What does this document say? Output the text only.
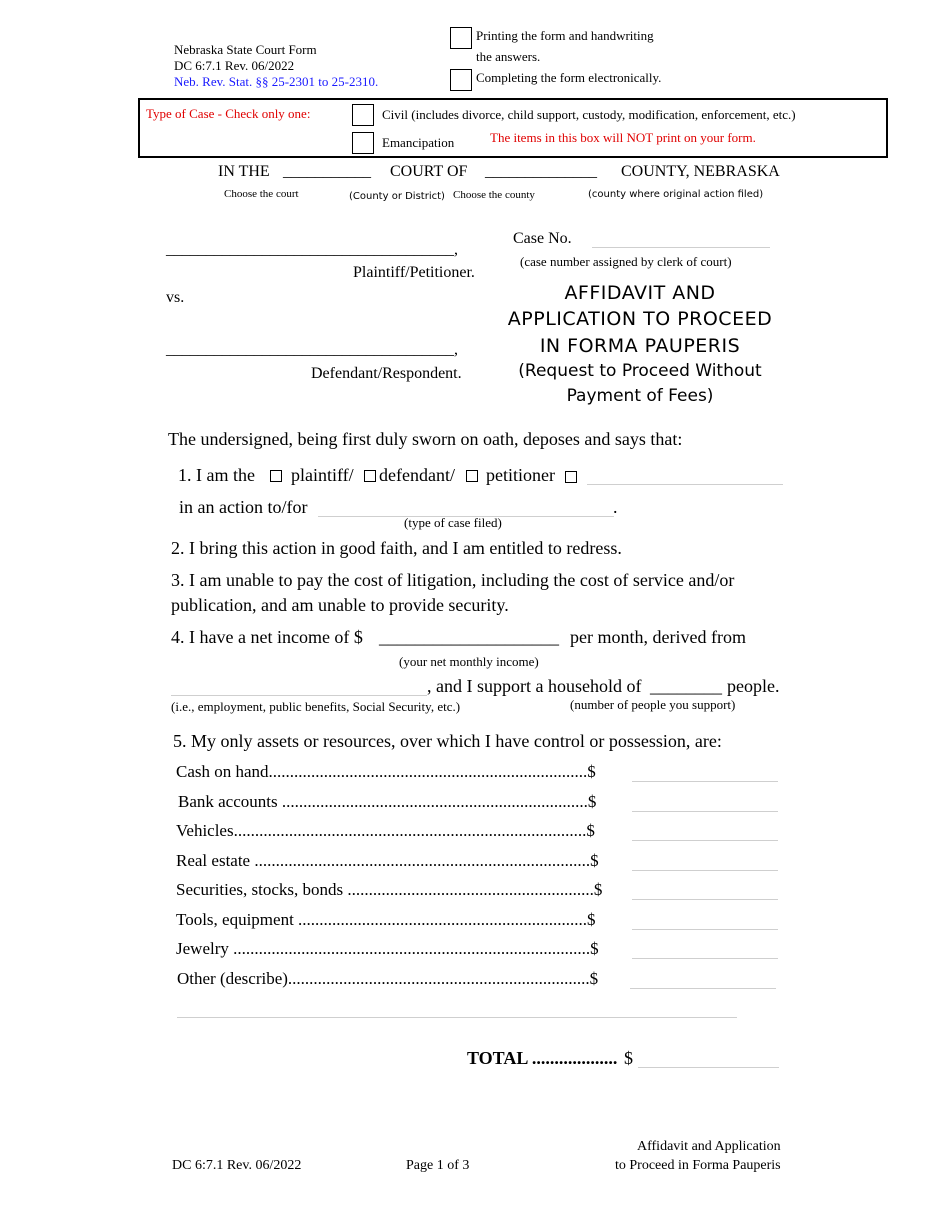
Nebraska State Court Form
DC 6:7.1 Rev. 06/2022
Neb. Rev. Stat. §§ 25-2301 to 25-2310.
Printing the form and handwriting
the answers.
Completing the form electronically.
Type of Case - Check only one:	Civil (includes divorce, child support, custody, modification, enforcement, etc.)
Emancipation	The items in this box will NOT print on your form.
IN THE ___________ COURT OF ______________ COUNTY, NEBRASKA
Choose the court	(County or District) Choose the county	(county where original action filed)
____________________________________,
Plaintiff/Petitioner.
vs.
____________________________________,
Defendant/Respondent.
Case No.
(case number assigned by clerk of court)
AFFIDAVIT AND
APPLICATION TO PROCEED
IN FORMA PAUPERIS
(Request to Proceed Without
Payment of Fees)
The undersigned, being first duly sworn on oath, deposes and says that:
1. I am the plaintiff/ defendant/ petitioner
in an action to/for	.
(type of case filed)
2. I bring this action in good faith, and I am entitled to redress.
3. I am unable to pay the cost of litigation, including the cost of service and/or
publication, and am unable to provide security.
4. I have a net income of $ ____________________ per month, derived from
(your net monthly income)
, and I support a household of ________ people.
(i.e., employment, public benefits, Social Security, etc.)	(number of people you support)
5. My only assets or resources, over which I have control or possession, are:
Cash on hand...........................................................................$
Bank accounts ........................................................................$
Vehicles...................................................................................$
Real estate ...............................................................................$
Securities, stocks, bonds ..........................................................$
Tools, equipment ....................................................................$
Jewelry ....................................................................................$
Other (describe).......................................................................$
TOTAL ................... $
DC 6:7.1 Rev. 06/2022	Page 1 of 3
Affidavit and Application
to Proceed in Forma Pauperis
